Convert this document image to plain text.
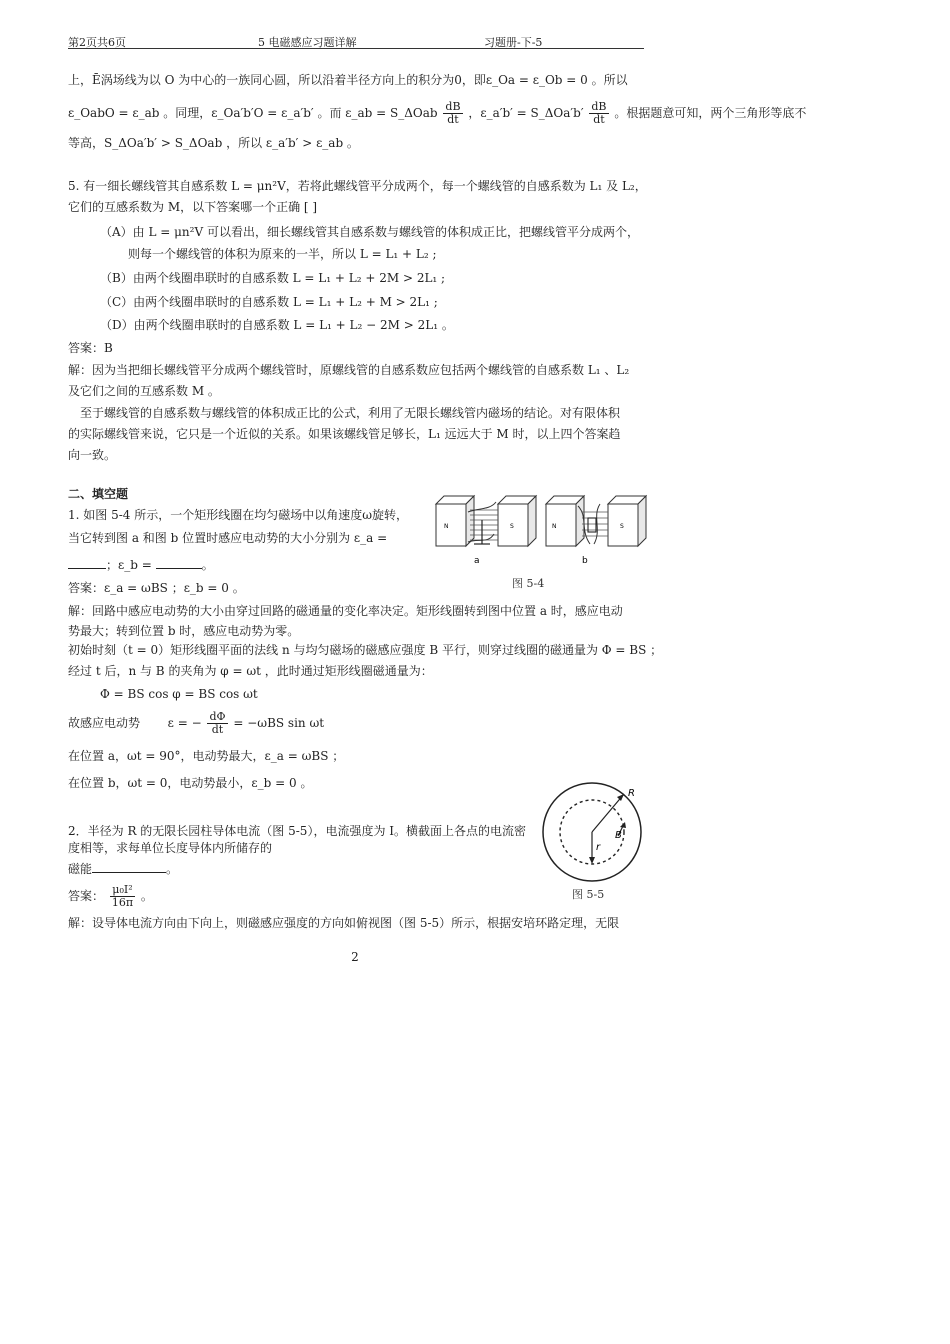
第2页共6页	5 电磁感应习题详解	习题册-下-5
上，Ē涡场线为以 O 为中心的一族同心圆，所以沿着半径方向上的积分为0，即ε_Oa = ε_Ob = 0 。所以
ε_OabO = ε_ab 。同理，ε_Oa′b′O = ε_a′b′ 。而 ε_ab = S_ΔOab $\frac{dB}{dt}$ ，ε_a′b′ = S_ΔOa′b′ $\frac{dB}{dt}$ 。根据题意可知，两个三角形等底不
等高，S_ΔOa′b′ > S_ΔOab ，所以 ε_a′b′ > ε_ab 。
5. 有一细长螺线管其自感系数 L = μn²V，若将此螺线管平分成两个，每一个螺线管的自感系数为 L₁ 及 L₂，
它们的互感系数为 M，以下答案哪一个正确 [ ]
（A）由 L = μn²V 可以看出，细长螺线管其自感系数与螺线管的体积成正比，把螺线管平分成两个，
则每一个螺线管的体积为原来的一半，所以 L = L₁ + L₂ ;
（B）由两个线圈串联时的自感系数 L = L₁ + L₂ + 2M > 2L₁ ;
（C）由两个线圈串联时的自感系数 L = L₁ + L₂ + M > 2L₁ ;
（D）由两个线圈串联时的自感系数 L = L₁ + L₂ − 2M > 2L₁ 。
答案：B
解：因为当把细长螺线管平分成两个螺线管时，原螺线管的自感系数应包括两个螺线管的自感系数 L₁ 、L₂
及它们之间的互感系数 M 。
　至于螺线管的自感系数与螺线管的体积成正比的公式，利用了无限长螺线管内磁场的结论。对有限体积
的实际螺线管来说，它只是一个近似的关系。如果该螺线管足够长，L₁ 远远大于 M 时，以上四个答案趋
向一致。
二、填空题
1. 如图 5-4 所示，一个矩形线圈在均匀磁场中以角速度ω旋转，
当它转到图 a 和图 b 位置时感应电动势的大小分别为 ε_a =
；ε_b =	。
答案：ε_a = ωBS ；ε_b = 0 。
解：回路中感应电动势的大小由穿过回路的磁通量的变化率决定。矩形线圈转到图中位置 a 时，感应电动
势最大；转到位置 b 时，感应电动势为零。
初始时刻（t = 0）矩形线圈平面的法线 n 与均匀磁场的磁感应强度 B 平行，则穿过线圈的磁通量为 Φ = BS ；
经过 t 后，n 与 B 的夹角为 φ = ωt ，此时通过矩形线圈磁通量为：
Φ = BS cos φ = BS cos ωt
故感应电动势 ε = − $\frac{d\Phi}{dt} = -\omega BS$ sin ωt
在位置 a，ωt = 90°，电动势最大，ε_a = ωBS ；
在位置 b，ωt = 0，电动势最小，ε_b = 0 。
N	S
a
N	S
b
图 5-4
2．半径为 R 的无限长园柱导体电流（图 5-5），电流强度为 I。横截面上各点的电流密
度相等，求每单位长度导体内所储存的
磁能	。
答案： $\frac{\text{μ₀I²}}{16\pi}$ 。
解：设导体电流方向由下向上，则磁感应强度的方向如俯视图（图 5-5）所示，根据安培环路定理，无限
R
r
B
图 5-5
2
